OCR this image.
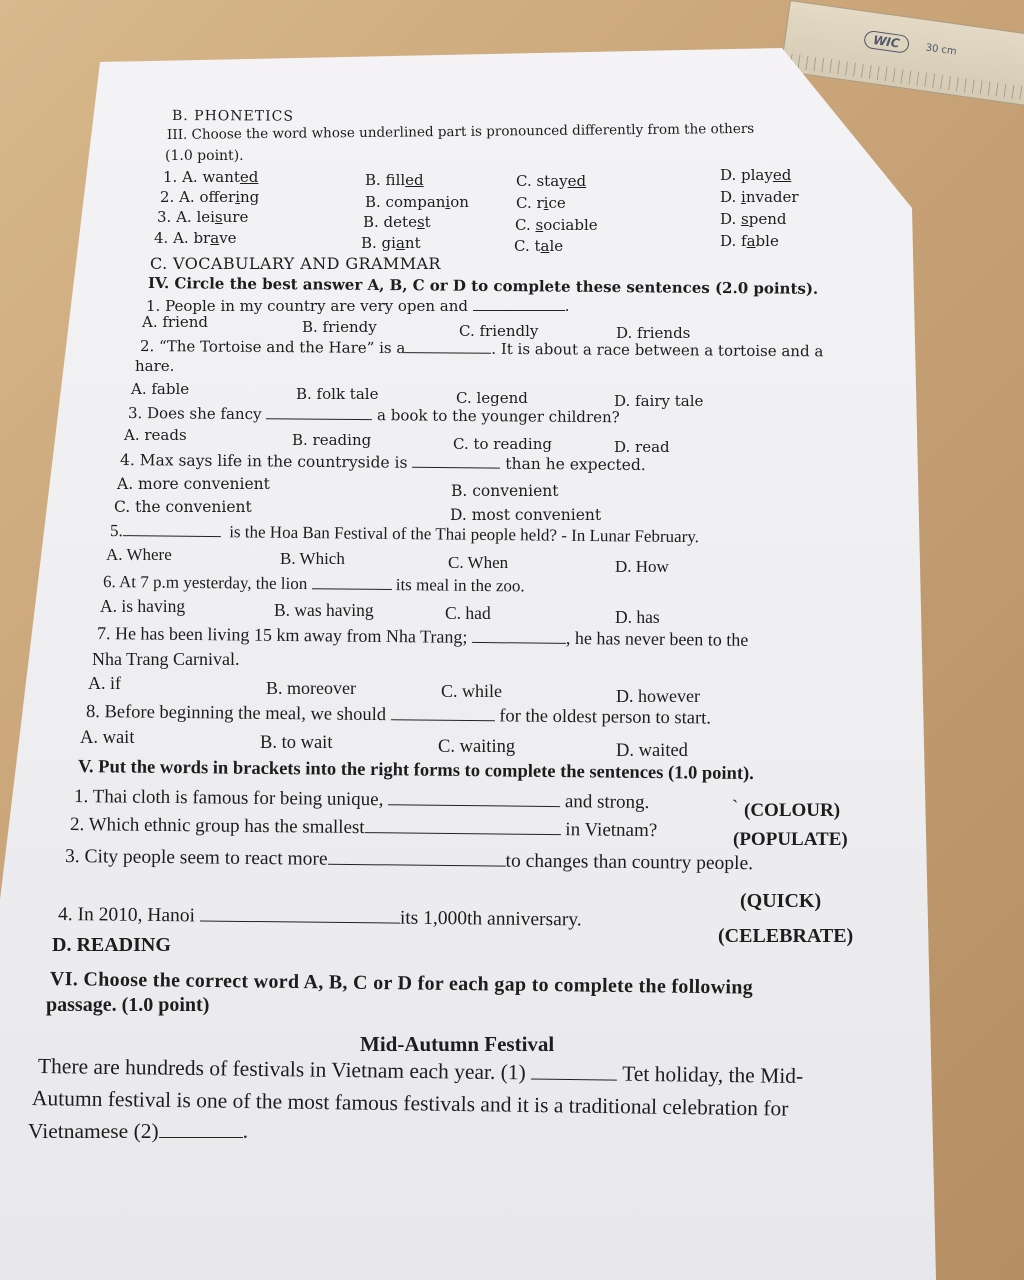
WIC	30 cm
B. PHONETICS
III. Choose the word whose underlined part is pronounced differently from the others
(1.0 point).
1. A. wanted	B. filled	C. stayed	D. played
2. A. offering	B. companion	C. rice	D. invader
3. A. leisure	B. detest	C. sociable	D. spend
4. A. brave	B. giant	C. tale	D. fable
C. VOCABULARY AND GRAMMAR
IV. Circle the best answer A, B, C or D to complete these sentences (2.0 points).
1. People in my country are very open and	.
A. friend	B. friendy	C. friendly	D. friends
2. “The Tortoise and the Hare” is a	. It is about a race between a tortoise and a
hare.
A. fable	B. folk tale	C. legend	D. fairy tale
3. Does she fancy	a book to the younger children?
A. reads	B. reading	C. to reading	D. read
4. Max says life in the countryside is	than he expected.
A. more convenient	B. convenient
C. the convenient	D. most convenient
5.	is the Hoa Ban Festival of the Thai people held? - In Lunar February.
A. Where	B. Which	C. When	D. How
6. At 7 p.m yesterday, the lion	its meal in the zoo.
A. is having	B. was having	C. had	D. has
7. He has been living 15 km away from Nha Trang;	, he has never been to the
Nha Trang Carnival.
A. if	B. moreover	C. while	D. however
8. Before beginning the meal, we should	for the oldest person to start.
A. wait	B. to wait	C. waiting	D. waited
V. Put the words in brackets into the right forms to complete the sentences (1.0 point).
1. Thai cloth is famous for being unique,	and strong.	` (COLOUR)
2. Which ethnic group has the smallest	in Vietnam?	(POPULATE)
3. City people seem to react more	to changes than country people.
(QUICK)
4. In 2010, Hanoi	its 1,000th anniversary.
(CELEBRATE)
D. READING
VI. Choose the correct word A, B, C or D for each gap to complete the following
passage. (1.0 point)
Mid-Autumn Festival
There are hundreds of festivals in Vietnam each year. (1)	Tet holiday, the Mid-
Autumn festival is one of the most famous festivals and it is a traditional celebration for
Vietnamese (2)	.
